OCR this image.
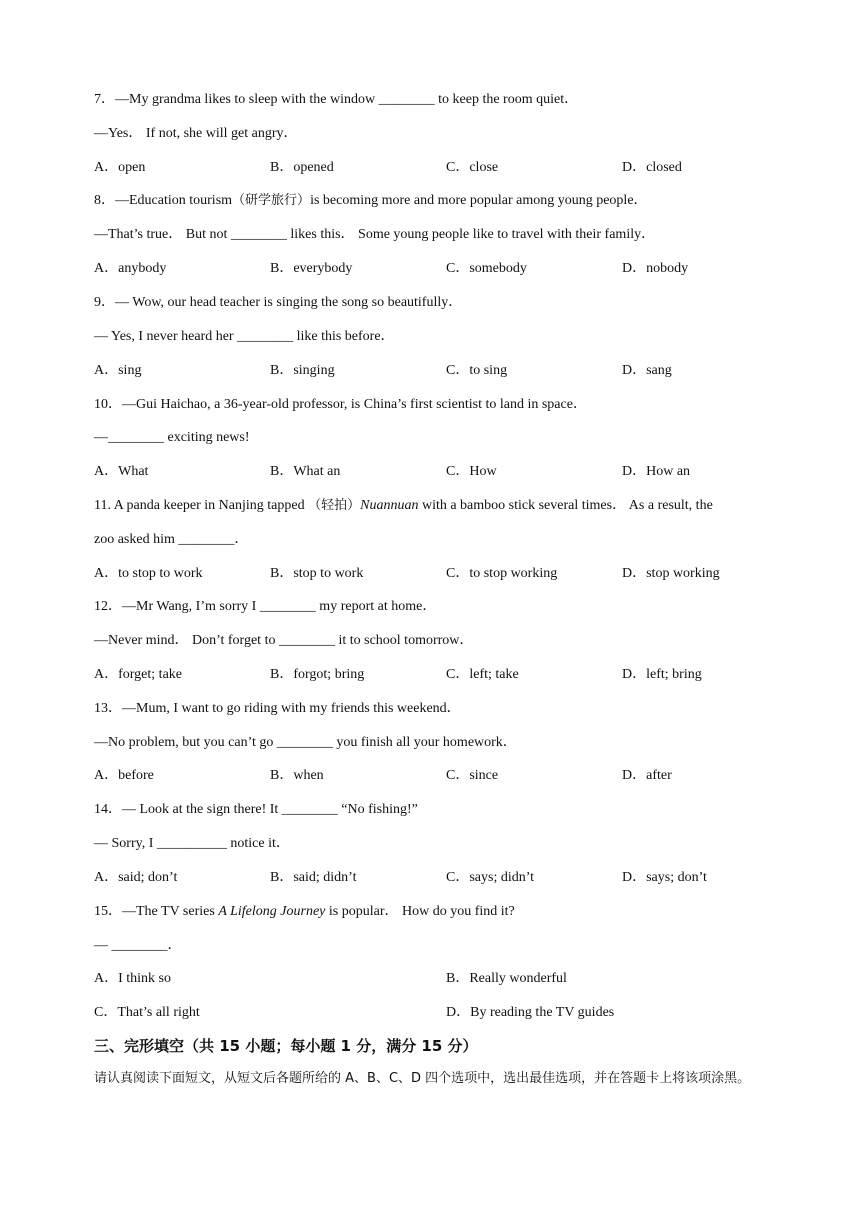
7．—My grandma likes to sleep with the window ________ to keep the room quiet．
—Yes． If not, she will get angry．
A．open	B．opened	C．close	D．closed
8．—Education tourism（研学旅行）is becoming more and more popular among young people．
—That’s true． But not ________ likes this． Some young people like to travel with their family．
A．anybody	B．everybody	C．somebody	D．nobody
9．— Wow, our head teacher is singing the song so beautifully．
— Yes, I never heard her ________ like this before．
A．sing	B．singing	C．to sing	D．sang
10．—Gui Haichao, a 36-year-old professor, is China’s first scientist to land in space．
—________ exciting news!
A．What	B．What an	C．How	D．How an
11. A panda keeper in Nanjing tapped （轻拍）Nuannuan with a bamboo stick several times． As a result, the
zoo asked him ________．
A．to stop to work	B．stop to work	C．to stop working	D．stop working
12．—Mr Wang, I’m sorry I ________ my report at home．
—Never mind． Don’t forget to ________ it to school tomorrow．
A．forget; take	B．forgot; bring	C．left; take	D．left; bring
13．—Mum, I want to go riding with my friends this weekend．
—No problem, but you can’t go ________ you finish all your homework．
A．before	B．when	C．since	D．after
14．— Look at the sign there! It ________ “No fishing!”
— Sorry, I __________ notice it．
A．said; don’t	B．said; didn’t	C．says; didn’t	D．says; don’t
15．—The TV series A Lifelong Journey is popular． How do you find it?
— ________．
A．I think so	B．Really wonderful
C．That’s all right	D．By reading the TV guides
三、完形填空（共 15 小题；每小题 1 分，满分 15 分）
请认真阅读下面短文，从短文后各题所给的 A、B、C、D 四个选项中，选出最佳选项，并在答题卡上将该项涂黑。
